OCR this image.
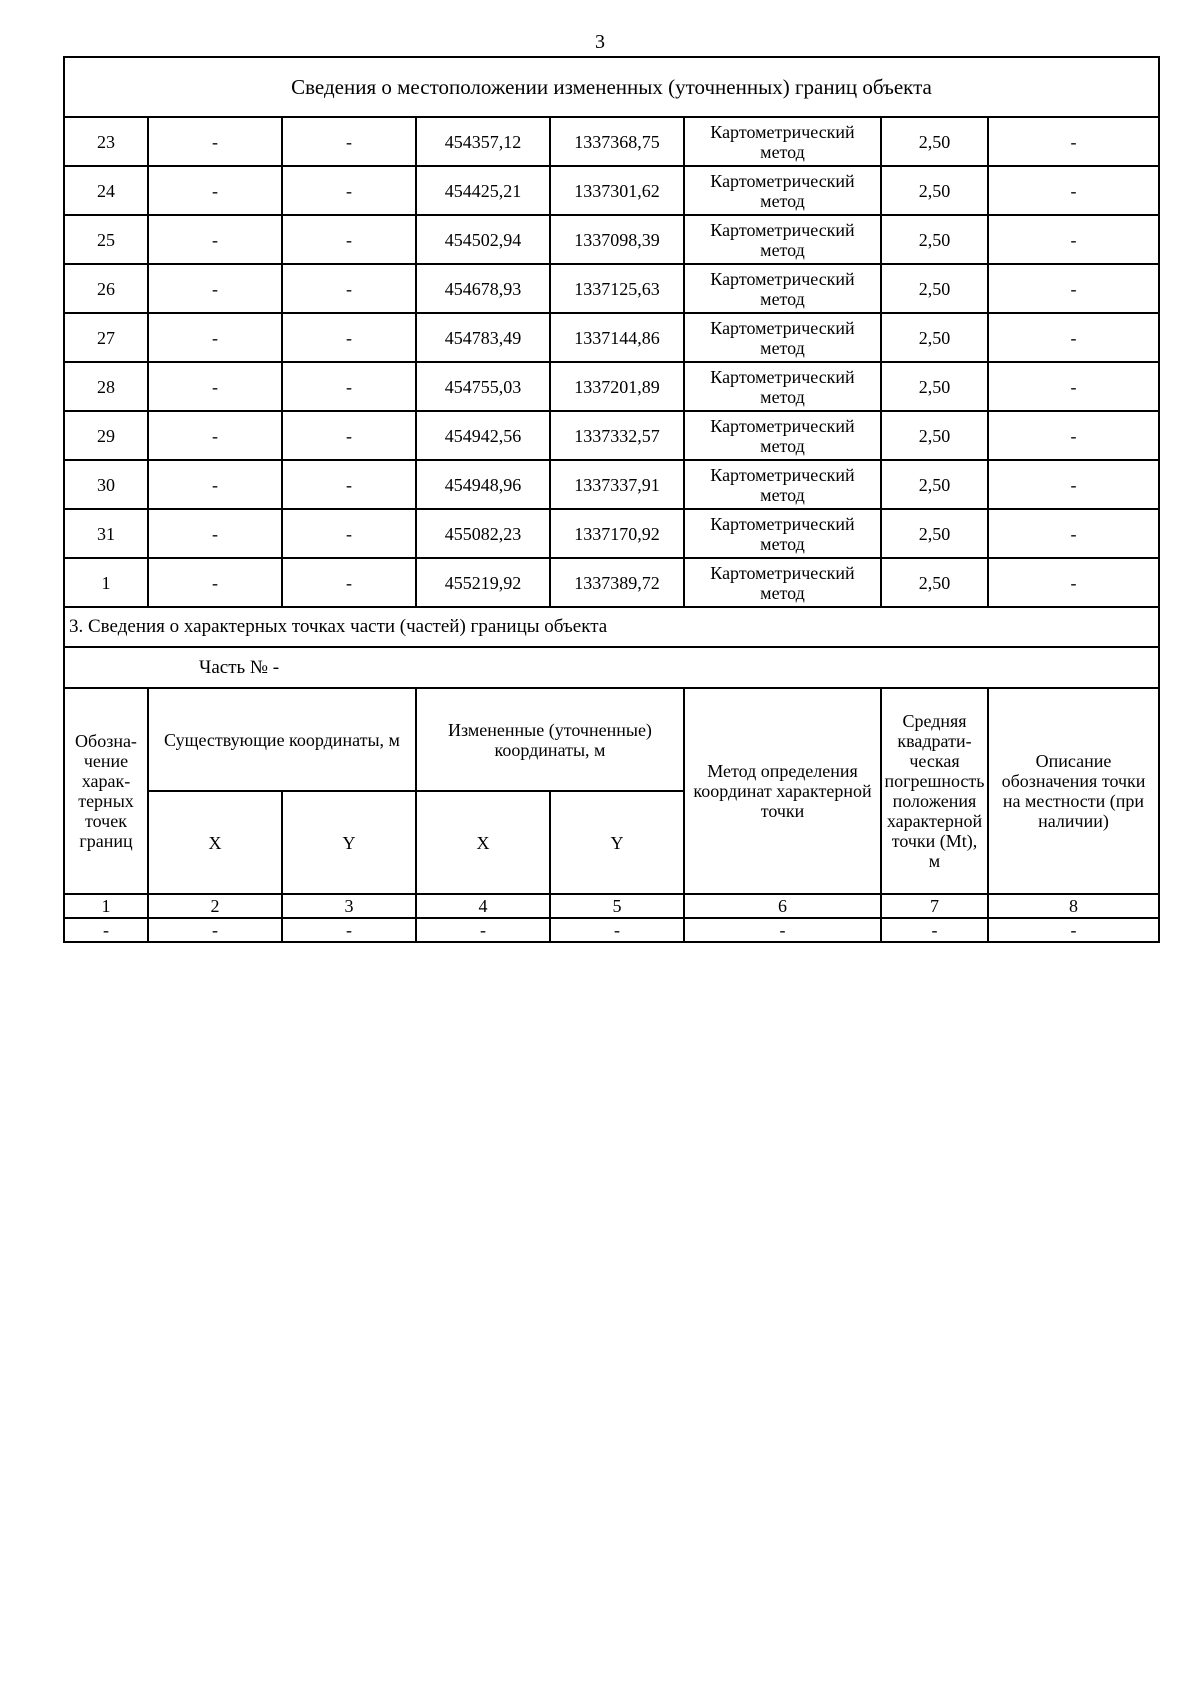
3
Сведения о местоположении измененных (уточненных) границ объекта							
23	-	-	454357,12	1337368,75	Картометрический метод	2,50	-
24	-	-	454425,21	1337301,62	Картометрический метод	2,50	-
25	-	-	454502,94	1337098,39	Картометрический метод	2,50	-
26	-	-	454678,93	1337125,63	Картометрический метод	2,50	-
27	-	-	454783,49	1337144,86	Картометрический метод	2,50	-
28	-	-	454755,03	1337201,89	Картометрический метод	2,50	-
29	-	-	454942,56	1337332,57	Картометрический метод	2,50	-
30	-	-	454948,96	1337337,91	Картометрический метод	2,50	-
31	-	-	455082,23	1337170,92	Картометрический метод	2,50	-
1	-	-	455219,92	1337389,72	Картометрический метод	2,50	-
3. Сведения о характерных точках части (частей) границы объекта							
Часть № -							
Обозна-чение харак-терных точек границ	Существующие координаты, м		Измененные (уточненные) координаты, м		Метод определения координат характерной точки	Средняя квадрати-ческая погрешность положения характерной точки (Mt), м	Описание обозначения точки на местности (при наличии)
	X	Y	X	Y			
1	2	3	4	5	6	7	8
-	-	-	-	-	-	-	-
